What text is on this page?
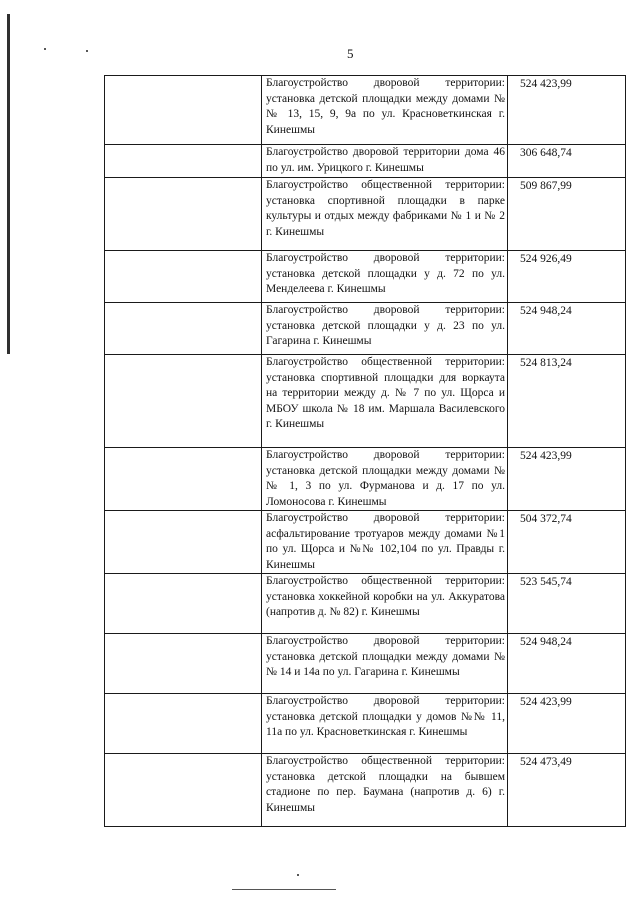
5

	Благоустройство дворовой территории: установка детской площадки между домами №№ 13, 15, 9, 9а по ул. Красноветкинская г. Кинешмы	524 423,99

	Благоустройство дворовой территории дома 46 по ул. им. Урицкого г. Кинешмы	306 648,74

	Благоустройство общественной территории: установка спортивной площадки в парке культуры и отдых между фабриками № 1 и № 2 г. Кинешмы	509 867,99

	Благоустройство дворовой территории: установка детской площадки у д. 72 по ул. Менделеева г. Кинешмы	524 926,49

	Благоустройство дворовой территории: установка детской площадки у д. 23 по ул. Гагарина г. Кинешмы	524 948,24

	Благоустройство общественной территории: установка спортивной площадки для воркаута на территории между д. № 7 по ул. Щорса и МБОУ школа № 18 им. Маршала Василевского г. Кинешмы	524 813,24

	Благоустройство дворовой территории: установка детской площадки между домами №№ 1, 3 по ул. Фурманова и д. 17 по ул. Ломоносова г. Кинешмы	524 423,99

	Благоустройство дворовой территории: асфальтирование тротуаров между домами №1 по ул. Щорса и №№ 102,104 по ул. Правды г. Кинешмы	504 372,74

	Благоустройство общественной территории: установка хоккейной коробки на ул. Аккуратова (напротив д. № 82) г. Кинешмы	523 545,74

	Благоустройство дворовой территории: установка детской площадки между домами №№ 14 и 14а по ул. Гагарина г. Кинешмы	524 948,24

	Благоустройство дворовой территории: установка детской площадки у домов №№ 11, 11а по ул. Красноветкинская г. Кинешмы	524 423,99

	Благоустройство общественной территории: установка детской площадки на бывшем стадионе по пер. Баумана (напротив д. 6) г. Кинешмы	524 473,49
